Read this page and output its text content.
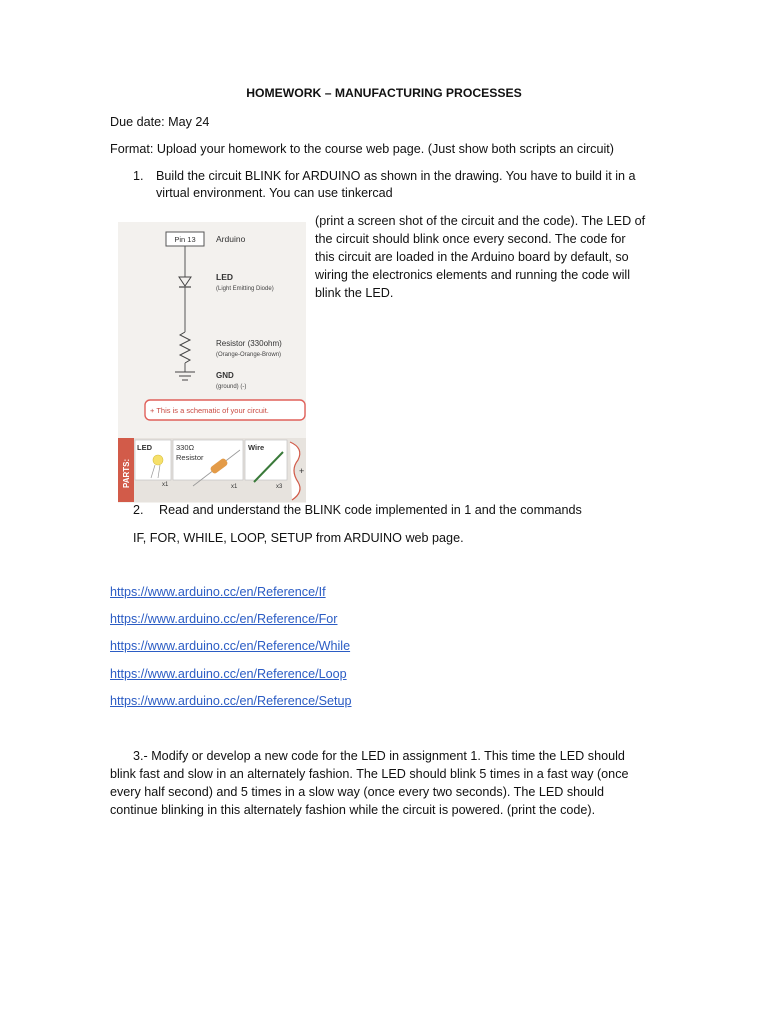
HOMEWORK – MANUFACTURING PROCESSES
Due date: May 24
Format: Upload your homework to the course web page. (Just show both scripts an circuit)
1. Build the circuit BLINK for ARDUINO as shown in the drawing. You have to build it in a
virtual environment. You can use tinkercad
(print a screen shot of the circuit and the code). The LED of
the circuit should blink once every second. The code for
this circuit are loaded in the Arduino board by default, so
wiring the electronics elements and running the code will
blink the LED.
Pin 13 Arduino
LED
(Light Emitting Diode)
Resistor (330ohm)
(Orange-Orange-Brown)
GND
(ground) (-)
+ This is a schematic of your circuit.
PARTS:
LED
x1
330Ω
Resistor
x1
Wire
x3
+
2. Read and understand the BLINK code implemented in 1 and the commands
IF, FOR, WHILE, LOOP, SETUP from ARDUINO web page.
https://www.arduino.cc/en/Reference/If
https://www.arduino.cc/en/Reference/For
https://www.arduino.cc/en/Reference/While
https://www.arduino.cc/en/Reference/Loop
https://www.arduino.cc/en/Reference/Setup
3.- Modify or develop a new code for the LED in assignment 1. This time the LED should
blink fast and slow in an alternately fashion. The LED should blink 5 times in a fast way (once
every half second) and 5 times in a slow way (once every two seconds). The LED should
continue blinking in this alternately fashion while the circuit is powered. (print the code).
